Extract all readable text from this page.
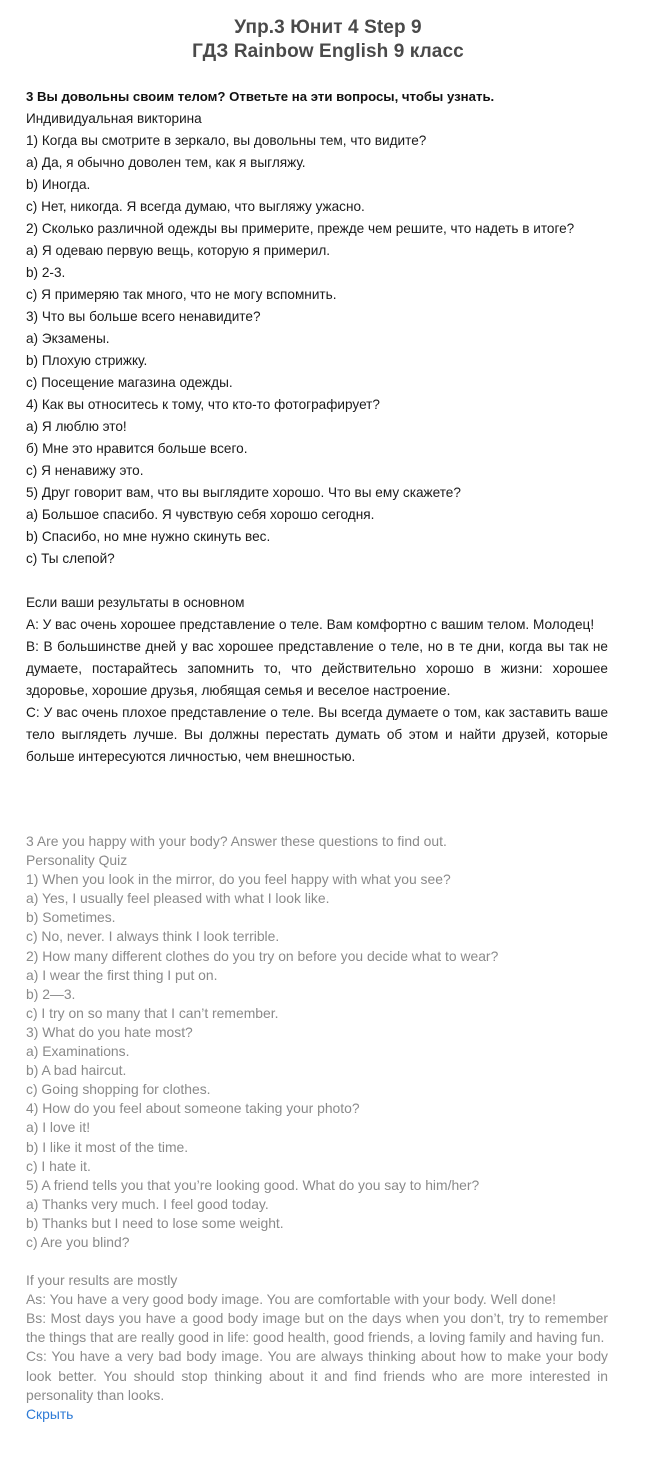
Упр.3 Юнит 4 Step 9
ГДЗ Rainbow English 9 класс

3 Вы довольны своим телом? Ответьте на эти вопросы, чтобы узнать.

Индивидуальная викторина

1) Когда вы смотрите в зеркало, вы довольны тем, что видите?

а) Да, я обычно доволен тем, как я выгляжу.

b) Иногда.

с) Нет, никогда. Я всегда думаю, что выгляжу ужасно.

2) Сколько различной одежды вы примерите, прежде чем решите, что надеть в итоге?

а) Я одеваю первую вещь, которую я примерил.

b) 2-3.

с) Я примеряю так много, что не могу вспомнить.

3) Что вы больше всего ненавидите?

а) Экзамены.

b) Плохую стрижку.

с) Посещение магазина одежды.

4) Как вы относитесь к тому, что кто-то фотографирует?

а) Я люблю это!

б) Мне это нравится больше всего.

с) Я ненавижу это.

5) Друг говорит вам, что вы выглядите хорошо. Что вы ему скажете?

а) Большое спасибо. Я чувствую себя хорошо сегодня.

b) Спасибо, но мне нужно скинуть вес.

с) Ты слепой?

Если ваши результаты в основном

А: У вас очень хорошее представление о теле. Вам комфортно с вашим телом. Молодец!

В: В большинстве дней у вас хорошее представление о теле, но в те дни, когда вы так не думаете, постарайтесь запомнить то, что действительно хорошо в жизни: хорошее здоровье, хорошие друзья, любящая семья и веселое настроение.

С: У вас очень плохое представление о теле. Вы всегда думаете о том, как заставить ваше тело выглядеть лучше. Вы должны перестать думать об этом и найти друзей, которые больше интересуются личностью, чем внешностью.

3 Are you happy with your body? Answer these questions to find out.

Personality Quiz

1) When you look in the mirror, do you feel happy with what you see?

a) Yes, I usually feel pleased with what I look like.

b) Sometimes.

c) No, never. I always think I look terrible.

2) How many different clothes do you try on before you decide what to wear?

a) I wear the first thing I put on.

b) 2—3.

c) I try on so many that I can’t remember.

3) What do you hate most?

a) Examinations.

b) A bad haircut.

c) Going shopping for clothes.

4) How do you feel about someone taking your photo?

a) I love it!

b) I like it most of the time.

c) I hate it.

5) A friend tells you that you’re looking good. What do you say to him/her?

a) Thanks very much. I feel good today.

b) Thanks but I need to lose some weight.

c) Are you blind?

If your results are mostly

As: You have a very good body image. You are comfortable with your body. Well done!

Bs: Most days you have a good body image but on the days when you don’t, try to remember the things that are really good in life: good health, good friends, a loving family and having fun.

Cs: You have a very bad body image. You are always thinking about how to make your body look better. You should stop thinking about it and find friends who are more interested in personality than looks.

Скрыть
